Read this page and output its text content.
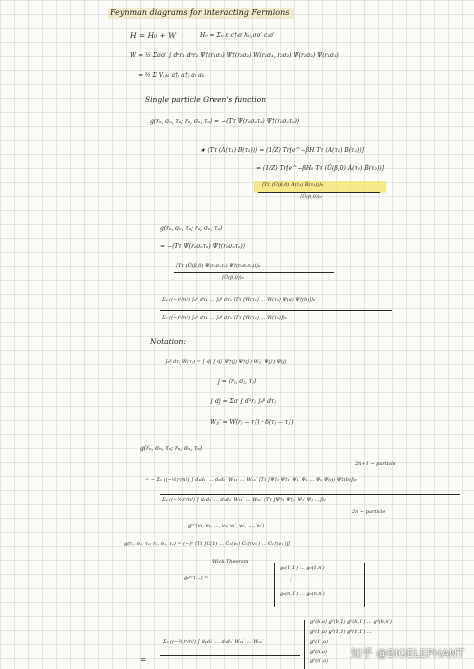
Feynman diagrams for interacting Fermions
H = H₀ + W	H₀ = Σᵢⱼ ε c†ᵢσ hᵢⱼ,σσ′ cⱼσ′
W = ½ Σσσ′ ∫ dᵃr₁ dᵃr₂ Ψ†(r₁σ₁) Ψ†(r₂σ₂) W(r₁σ₁, r₂σ₂) Ψ(r₂σ₂) Ψ(r₁σ₁)
= ½ Σ Vᵢⱼₖₗ a†ᵢ a†ⱼ aₗ aₖ
Single particle Green's function
g(rₒ, σₒ, τₒ; rₒ, σₒ, τₒ) = −⟨Tτ Ψ(rₒσₒτₒ) Ψ†(rₒσₒτₒ)⟩
★ ⟨Tτ (A(τ₁) B(τ₂))⟩ = (1/Z) Tr[e^−βH Tτ (A(τ₁) B(τ₂))]
= (1/Z) Tr[e^−βH₀ Tτ (Û(β,0) Â(τ₁) B̂(τ₂))]
⟨Tτ (Û(β,0) Â(τ₁) B̂(τ₂))⟩₀
⟨Û(β,0)⟩₀
g(rₒ, σₒ, τₒ; rₒ, σₒ, τₒ)
= −⟨Tτ Ψ(rₒσₒτₒ) Ψ†(rₒσₒτₒ)⟩
⟨Tτ (Û(β,0) Ψ(rₒσₒτₒ) Ψ†(rₒσₒτₒ))⟩₀
⟨Û(β,0)⟩₀
Σₙ ((−)ⁿ/n!) ∫₀ᵝ dτ₁ … ∫₀ᵝ dτₙ ⟨Tτ [Ŵ(τ₁) … Ŵ(τₙ) Ψ(a) Ψ†(b)]⟩₀
Σₙ ((−)ⁿ/n!) ∫₀ᵝ dτ₁ … ∫₀ᵝ dτₙ ⟨Tτ [Ŵ(τ₁) … Ŵ(τₙ)]⟩₀
Notation:
∫₀ᵝ dτⱼ Ŵ(τⱼ) = ∫ dj ∫ dj′ Ψ†(j) Ψ†(j′) Wⱼⱼ′ Ψ(j′) Ψ(j)
j = (rⱼ, σⱼ, τⱼ)
∫ dj = Σσ ∫ d³rⱼ ∫₀ᵝ dτⱼ
Wⱼⱼ′ = W(rⱼ − rⱼ′) · δ(τⱼ − τⱼ′)
g(rₒ, σₒ, τₒ; rₒ, σₒ, τₒ)
2n+1 − particle
= − Σₙ ((−½)ⁿ/n!) ∫ d₁d₁′ … dₙdₙ′ W₁₁′ … Wₙₙ′ ⟨Tτ [Ψ†₁ Ψ†₁′ Ψ₁′ Ψ₁ … Ψₙ Ψ(a) Ψ†(b)]⟩₀
Σₙ ((−½)ⁿ/n!) ∫ d₁d₁′ … dₙdₙ′ W₁₁′ … Wₙₙ′ ⟨Tτ [Ψ†₁ Ψ†₁′ Ψ₁′ Ψ₁ …]⟩₀
2n − particle
g⁽ⁿ⁾(v₁, v₂, …, vₙ; v₁′, v₂′, …, vₙ′)
g(rₒ, σₒ, τₒ; rₒ, σₒ, τₒ) = (−)ⁿ ⟨Tτ [C(1) … Cₙ(vₙ) Cₙ†(vₙ′) … C₁†(v₁′)]⟩
Wick-Theorem
g₀⁽ⁿ⁾(…) =
g₀(1,1′) … g₀(1,n′)
⋮
g₀(n,1′) … g₀(n,n′)
Σₙ ((−½)ⁿ/n!) ∫ d₁d₁′ … dₙdₙ′ W₁₁′ … Wₙₙ′
g⁰(b,a) g⁰(b,1) g⁰(b,1′) … g⁰(b,n′)
g⁰(1,a) g⁰(1,1) g⁰(1,1′) …
g⁰(1′,a)
g⁰(n,a)
g⁰(n′,a)
=	知乎 @BIGELEPHANT
